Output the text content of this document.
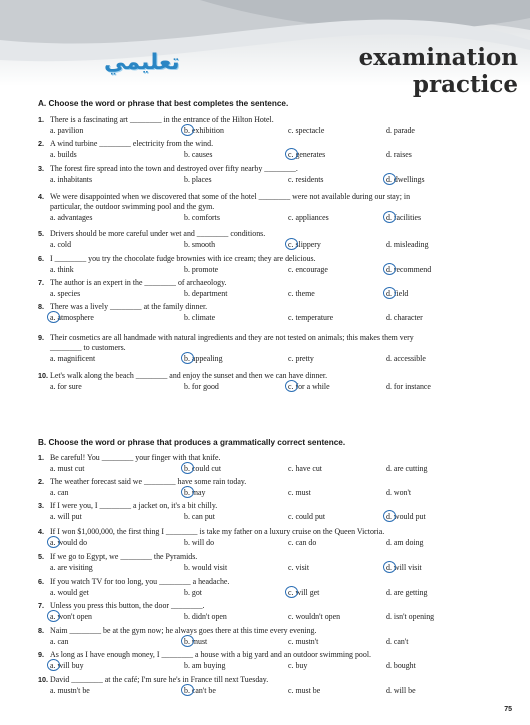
تعليمي	examination practice
A. Choose the word or phrase that best completes the sentence.
1. There is a fascinating art ________ in the entrance of the Hilton Hotel.
a. pavilion	b. exhibition	c. spectacle	d. parade
2. A wind turbine ________ electricity from the wind.
a. builds	b. causes	c. generates	d. raises
3. The forest fire spread into the town and destroyed over fifty nearby ________.
a. inhabitants	b. places	c. residents	d. dwellings
4. We were disappointed when we discovered that some of the hotel ________ were not available during our stay; in
particular, the outdoor swimming pool and the gym.
a. advantages	b. comforts	c. appliances	d. facilities
5. Drivers should be more careful under wet and ________ conditions.
a. cold	b. smooth	c. slippery	d. misleading
6. I ________ you try the chocolate fudge brownies with ice cream; they are delicious.
a. think	b. promote	c. encourage	d. recommend
7. The author is an expert in the ________ of archaeology.
a. species	b. department	c. theme	d. field
8. There was a lively ________ at the family dinner.
a. atmosphere	b. climate	c. temperature	d. character
9. Their cosmetics are all handmade with natural ingredients and they are not tested on animals; this makes them very
________ to customers.
a. magnificent	b. appealing	c. pretty	d. accessible
10. Let's walk along the beach ________ and enjoy the sunset and then we can have dinner.
a. for sure	b. for good	c. for a while	d. for instance
B. Choose the word or phrase that produces a grammatically correct sentence.
1. Be careful! You ________ your finger with that knife.
a. must cut	b. could cut	c. have cut	d. are cutting
2. The weather forecast said we ________ have some rain today.
a. can	b. may	c. must	d. won't
3. If I were you, I ________ a jacket on, it's a bit chilly.
a. will put	b. can put	c. could put	d. would put
4. If I won $1,000,000, the first thing I ________ is take my father on a luxury cruise on the Queen Victoria.
a. would do	b. will do	c. can do	d. am doing
5. If we go to Egypt, we ________ the Pyramids.
a. are visiting	b. would visit	c. visit	d. will visit
6. If you watch TV for too long, you ________ a headache.
a. would get	b. got	c. will get	d. are getting
7. Unless you press this button, the door ________.
a. won't open	b. didn't open	c. wouldn't open	d. isn't opening
8. Naim ________ be at the gym now; he always goes there at this time every evening.
a. can	b. must	c. mustn't	d. can't
9. As long as I have enough money, I ________ a house with a big yard and an outdoor swimming pool.
a. will buy	b. am buying	c. buy	d. bought
10. David ________ at the café; I'm sure he's in France till next Tuesday.
a. mustn't be	b. can't be	c. must be	d. will be
75
